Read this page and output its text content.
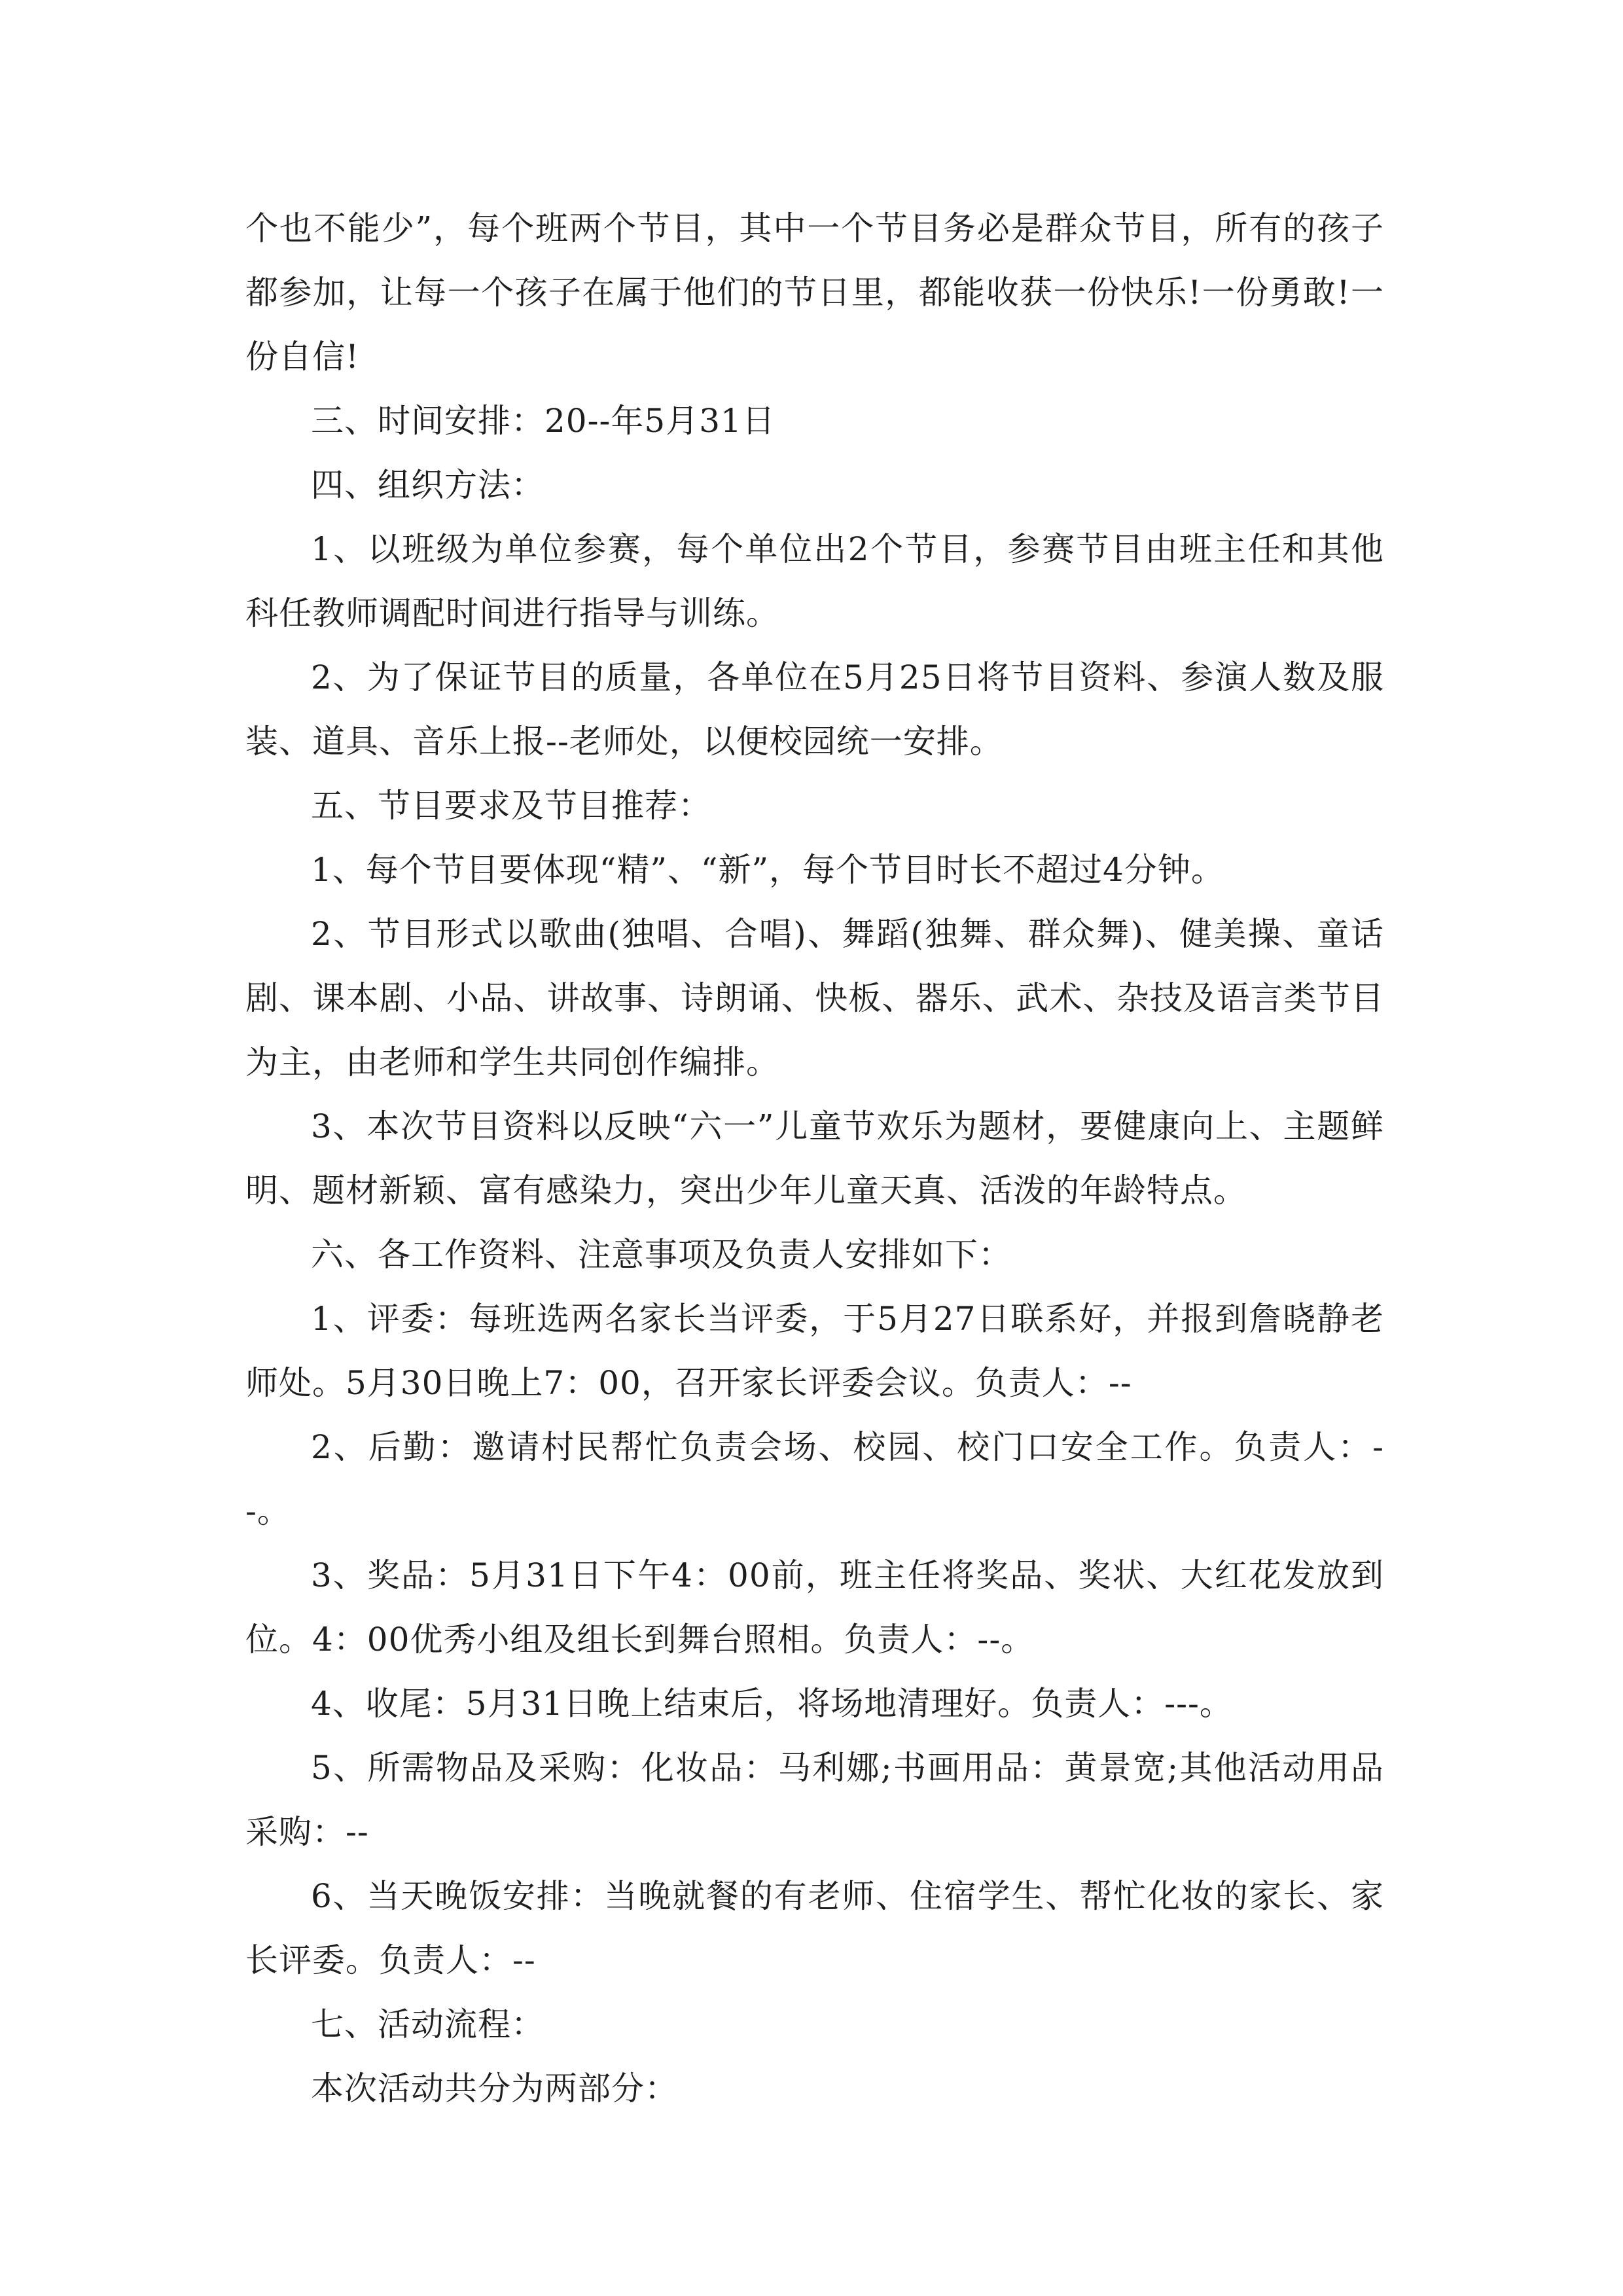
个也不能少”，每个班两个节目，其中一个节目务必是群众节目，所有的孩子都参加，让每一个孩子在属于他们的节日里，都能收获一份快乐!一份勇敢!一份自信!

三、时间安排：20--年5月31日

四、组织方法：

1、以班级为单位参赛，每个单位出2个节目，参赛节目由班主任和其他科任教师调配时间进行指导与训练。

2、为了保证节目的质量，各单位在5月25日将节目资料、参演人数及服装、道具、音乐上报--老师处，以便校园统一安排。

五、节目要求及节目推荐：

1、每个节目要体现“精”、“新”，每个节目时长不超过4分钟。

2、节目形式以歌曲(独唱、合唱)、舞蹈(独舞、群众舞)、健美操、童话剧、课本剧、小品、讲故事、诗朗诵、快板、器乐、武术、杂技及语言类节目为主，由老师和学生共同创作编排。

3、本次节目资料以反映“六一”儿童节欢乐为题材，要健康向上、主题鲜明、题材新颖、富有感染力，突出少年儿童天真、活泼的年龄特点。

六、各工作资料、注意事项及负责人安排如下：

1、评委：每班选两名家长当评委，于5月27日联系好，并报到詹晓静老师处。5月30日晚上7：00，召开家长评委会议。负责人：--

2、后勤：邀请村民帮忙负责会场、校园、校门口安全工作。负责人：--。

3、奖品：5月31日下午4：00前，班主任将奖品、奖状、大红花发放到位。4：00优秀小组及组长到舞台照相。负责人：--。

4、收尾：5月31日晚上结束后，将场地清理好。负责人：---。

5、所需物品及采购：化妆品：马利娜;书画用品：黄景宽;其他活动用品采购：--

6、当天晚饭安排：当晚就餐的有老师、住宿学生、帮忙化妆的家长、家长评委。负责人：--

七、活动流程：

本次活动共分为两部分：
